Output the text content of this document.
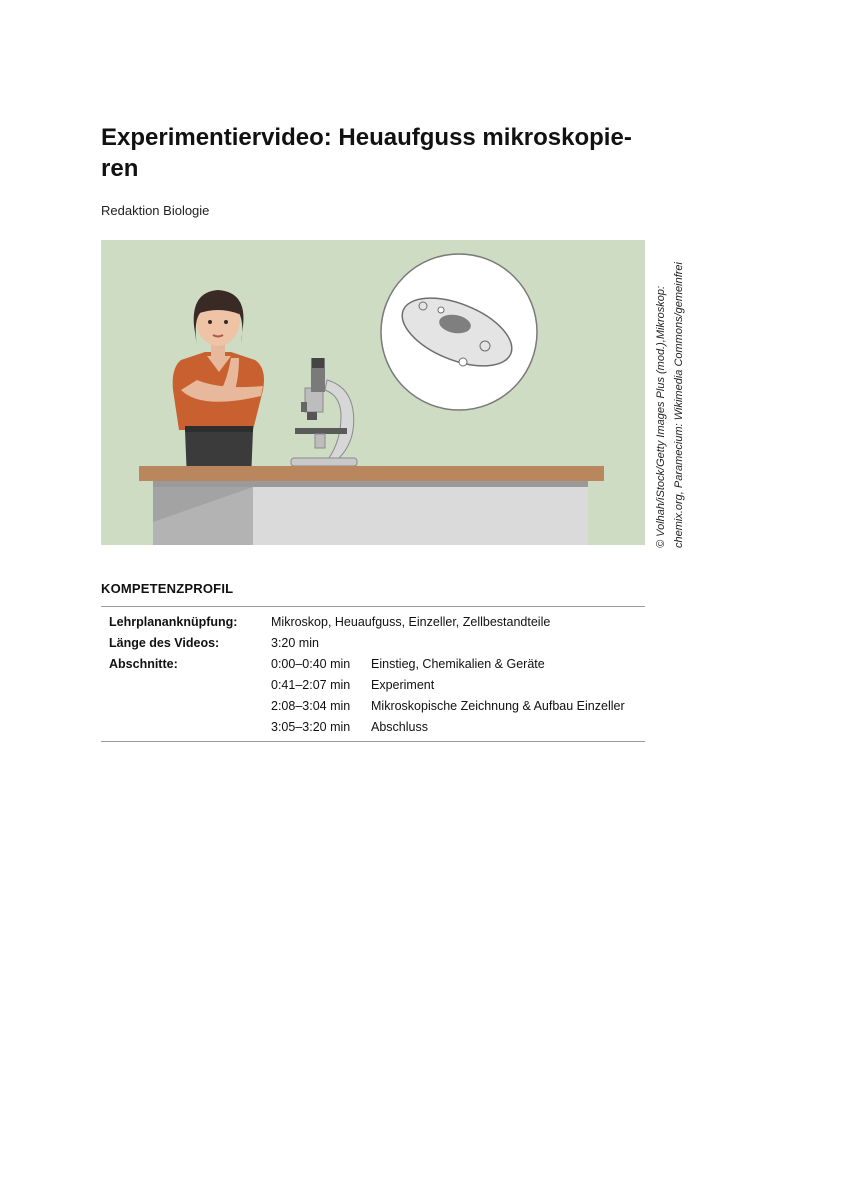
Experimentiervideo: Heuaufguss mikroskopie-
ren

Redaktion Biologie

© Volhah/iStock/Getty Images Plus (mod.),Mikroskop: chemix.org, Paramecium: Wikimedia Commons/gemeinfrei
KOMPETENZPROFIL
Lehrplananknüpfung:	Mikroskop, Heuaufguss, Einzeller, Zellbestandteile
Länge des Videos:	3:20 min
Abschnitte:	0:00–0:40 min Einstieg, Chemikalien & Geräte
0:41–2:07 min Experiment
2:08–3:04 min Mikroskopische Zeichnung & Aufbau Einzeller
3:05–3:20 min Abschluss
